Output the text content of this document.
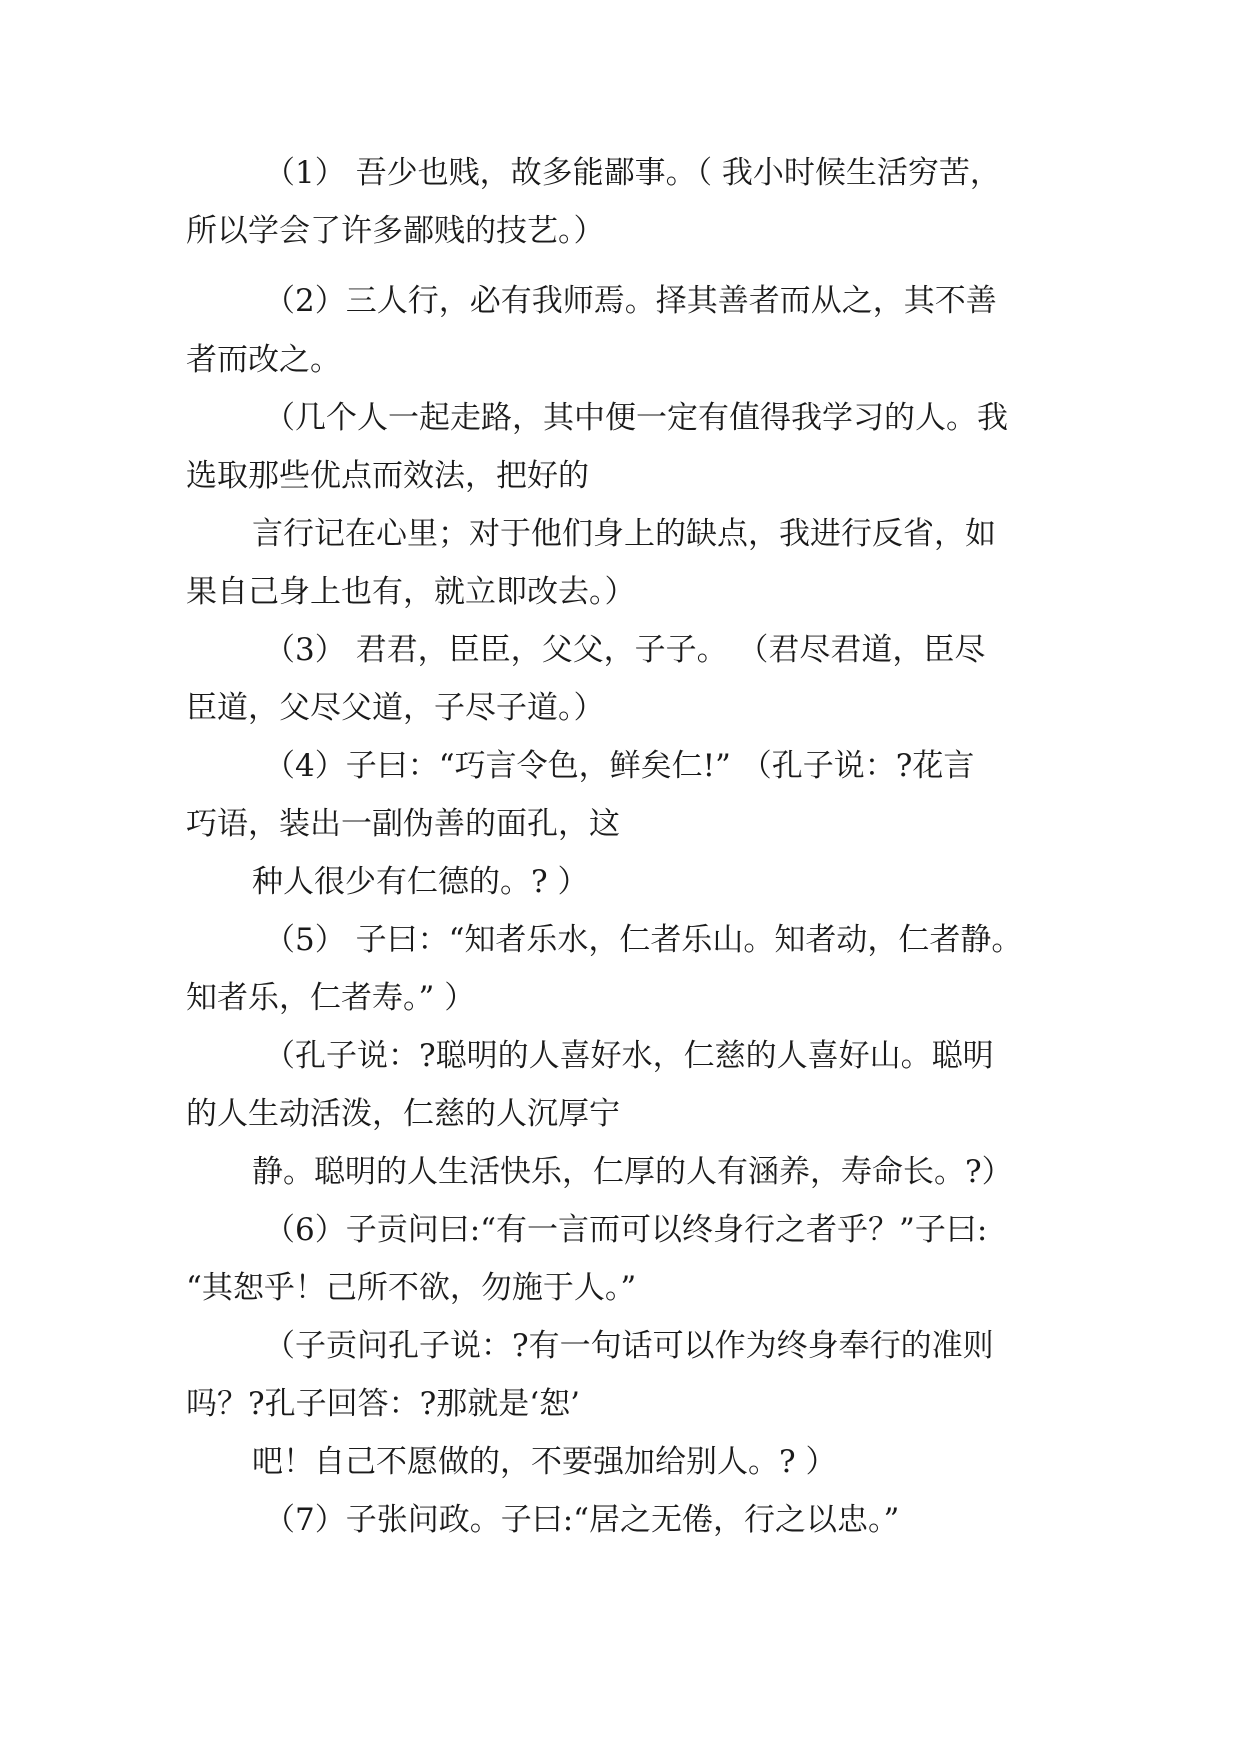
（1） 吾少也贱，故多能鄙事。（ 我小时候生活穷苦，
所以学会了许多鄙贱的技艺。）
（2）三人行，必有我师焉。择其善者而从之，其不善
者而改之。
（几个人一起走路，其中便一定有值得我学习的人。我
选取那些优点而效法，把好的
言行记在心里；对于他们身上的缺点，我进行反省，如
果自己身上也有，就立即改去。）
（3） 君君，臣臣，父父，子子。 （君尽君道，臣尽
臣道，父尽父道，子尽子道。）
（4）子曰：“巧言令色，鲜矣仁!” （孔子说：?花言
巧语，装出一副伪善的面孔，这
种人很少有仁德的。? ）
（5） 子曰：“知者乐水，仁者乐山。知者动，仁者静。
知者乐，仁者寿。” ）
（孔子说：?聪明的人喜好水，仁慈的人喜好山。聪明
的人生动活泼，仁慈的人沉厚宁
静。聪明的人生活快乐，仁厚的人有涵养，寿命长。?）
（6）子贡问曰:“有一言而可以终身行之者乎？”子曰:
“其恕乎！己所不欲，勿施于人。”
（子贡问孔子说：?有一句话可以作为终身奉行的准则
吗？?孔子回答：?那就是‘恕’
吧！自己不愿做的，不要强加给别人。? ）
（7）子张问政。子曰:“居之无倦，行之以忠。”
